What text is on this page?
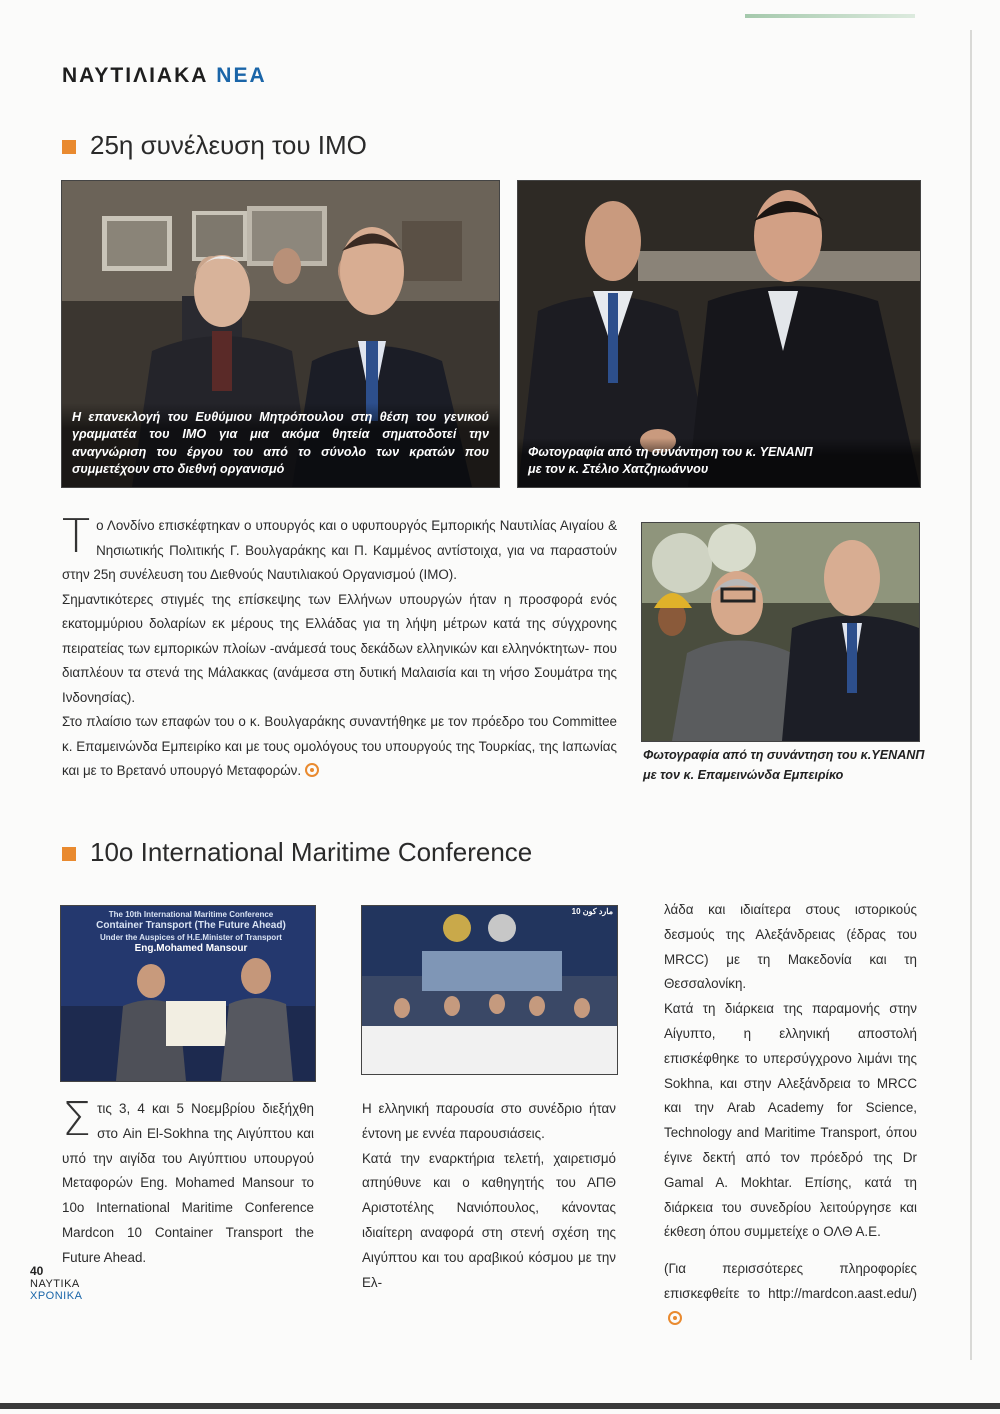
ΝΑΥΤΙΛΙΑΚΑ ΝΕΑ
25η συνέλευση του ΙΜΟ
Η επανεκλογή του Ευθύμιου Μητρόπουλου στη θέση του γενικού γραμματέα του IMO για μια ακόμα θητεία σηματοδοτεί την αναγνώριση του έργου του από το σύνολο των κρατών που συμμετέχουν στο διεθνή οργανισμό
Φωτογραφία από τη συνάντηση του κ. ΥΕΝΑΝΠ
με τον κ. Στέλιο Χατζηιωάννου

Το Λονδίνο επισκέφτηκαν ο υπουργός και ο υφυπουργός Εμπορικής Ναυτιλίας Αιγαίου & Νησιωτικής Πολιτικής Γ. Βουλγαράκης και Π. Καμμένος αντίστοιχα, για να παραστούν στην 25η συνέλευση του Διεθνούς Ναυτιλιακού Οργανισμού (ΙΜΟ).

Σημαντικότερες στιγμές της επίσκεψης των Ελλήνων υπουργών ήταν η προσφορά ενός εκατομμύριου δολαρίων εκ μέρους της Ελλάδας για τη λήψη μέτρων κατά της σύγχρονης πειρατείας των εμπορικών πλοίων -ανάμεσά τους δεκάδων ελληνικών και ελληνόκτητων- που διαπλέουν τα στενά της Μάλακκας (ανάμεσα στη δυτική Μαλαισία και τη νήσο Σουμάτρα της Ινδονησίας).

Στο πλαίσιο των επαφών του ο κ. Βουλγαράκης συναντήθηκε με τον πρόεδρο του Committee κ. Επαμεινώνδα Εμπειρίκο και με τους ομολόγους του υπουργούς της Τουρκίας, της Ιαπωνίας και με το Βρετανό υπουργό Μεταφορών.

Φωτογραφία από τη συνάντηση του κ.ΥΕΝΑΝΠ
με τον κ. Επαμεινώνδα Εμπειρίκο
10ο International Maritime Conference
The 10th International Maritime Conference
Container Transport (The Future Ahead)
Under the Auspices of H.E.Minister of Transport
Eng.Mohamed Mansour
مارد كون 10

Στις 3, 4 και 5 Νοεμβρίου διεξήχθη στο Ain El-Sokhna της Αιγύπτου και υπό την αιγίδα του Αιγύπτιου υπουργού Μεταφορών Eng. Mohamed Mansour το 10ο International Maritime Conference Mardcon 10 Container Transport the Future Ahead.

Η ελληνική παρουσία στο συνέδριο ήταν έντονη με εννέα παρουσιάσεις.

Κατά την εναρκτήρια τελετή, χαιρετισμό απηύθυνε και ο καθηγητής του ΑΠΘ Αριστοτέλης Νανιόπουλος, κάνοντας ιδιαίτερη αναφορά στη στενή σχέση της Αιγύπτου και του αραβικού κόσμου με την Ελ-

λάδα και ιδιαίτερα στους ιστορικούς δεσμούς της Αλεξάνδρειας (έδρας του MRCC) με τη Μακεδονία και τη Θεσσαλονίκη.

Κατά τη διάρκεια της παραμονής στην Αίγυπτο, η ελληνική αποστολή επισκέφθηκε το υπερσύγχρονο λιμάνι της Sokhna, και στην Αλεξάνδρεια το MRCC και την Arab Academy for Science, Technology and Maritime Transport, όπου έγινε δεκτή από τον πρόεδρό της Dr Gamal A. Mokhtar. Επίσης, κατά τη διάρκεια του συνεδρίου λειτούργησε και έκθεση όπου συμμετείχε ο ΟΛΘ Α.Ε.

(Για περισσότερες πληροφορίες επισκεφθείτε το http://mardcon.aast.edu/)

40
ΝΑΥΤΙΚΑ
ΧΡΟΝΙΚΑ
